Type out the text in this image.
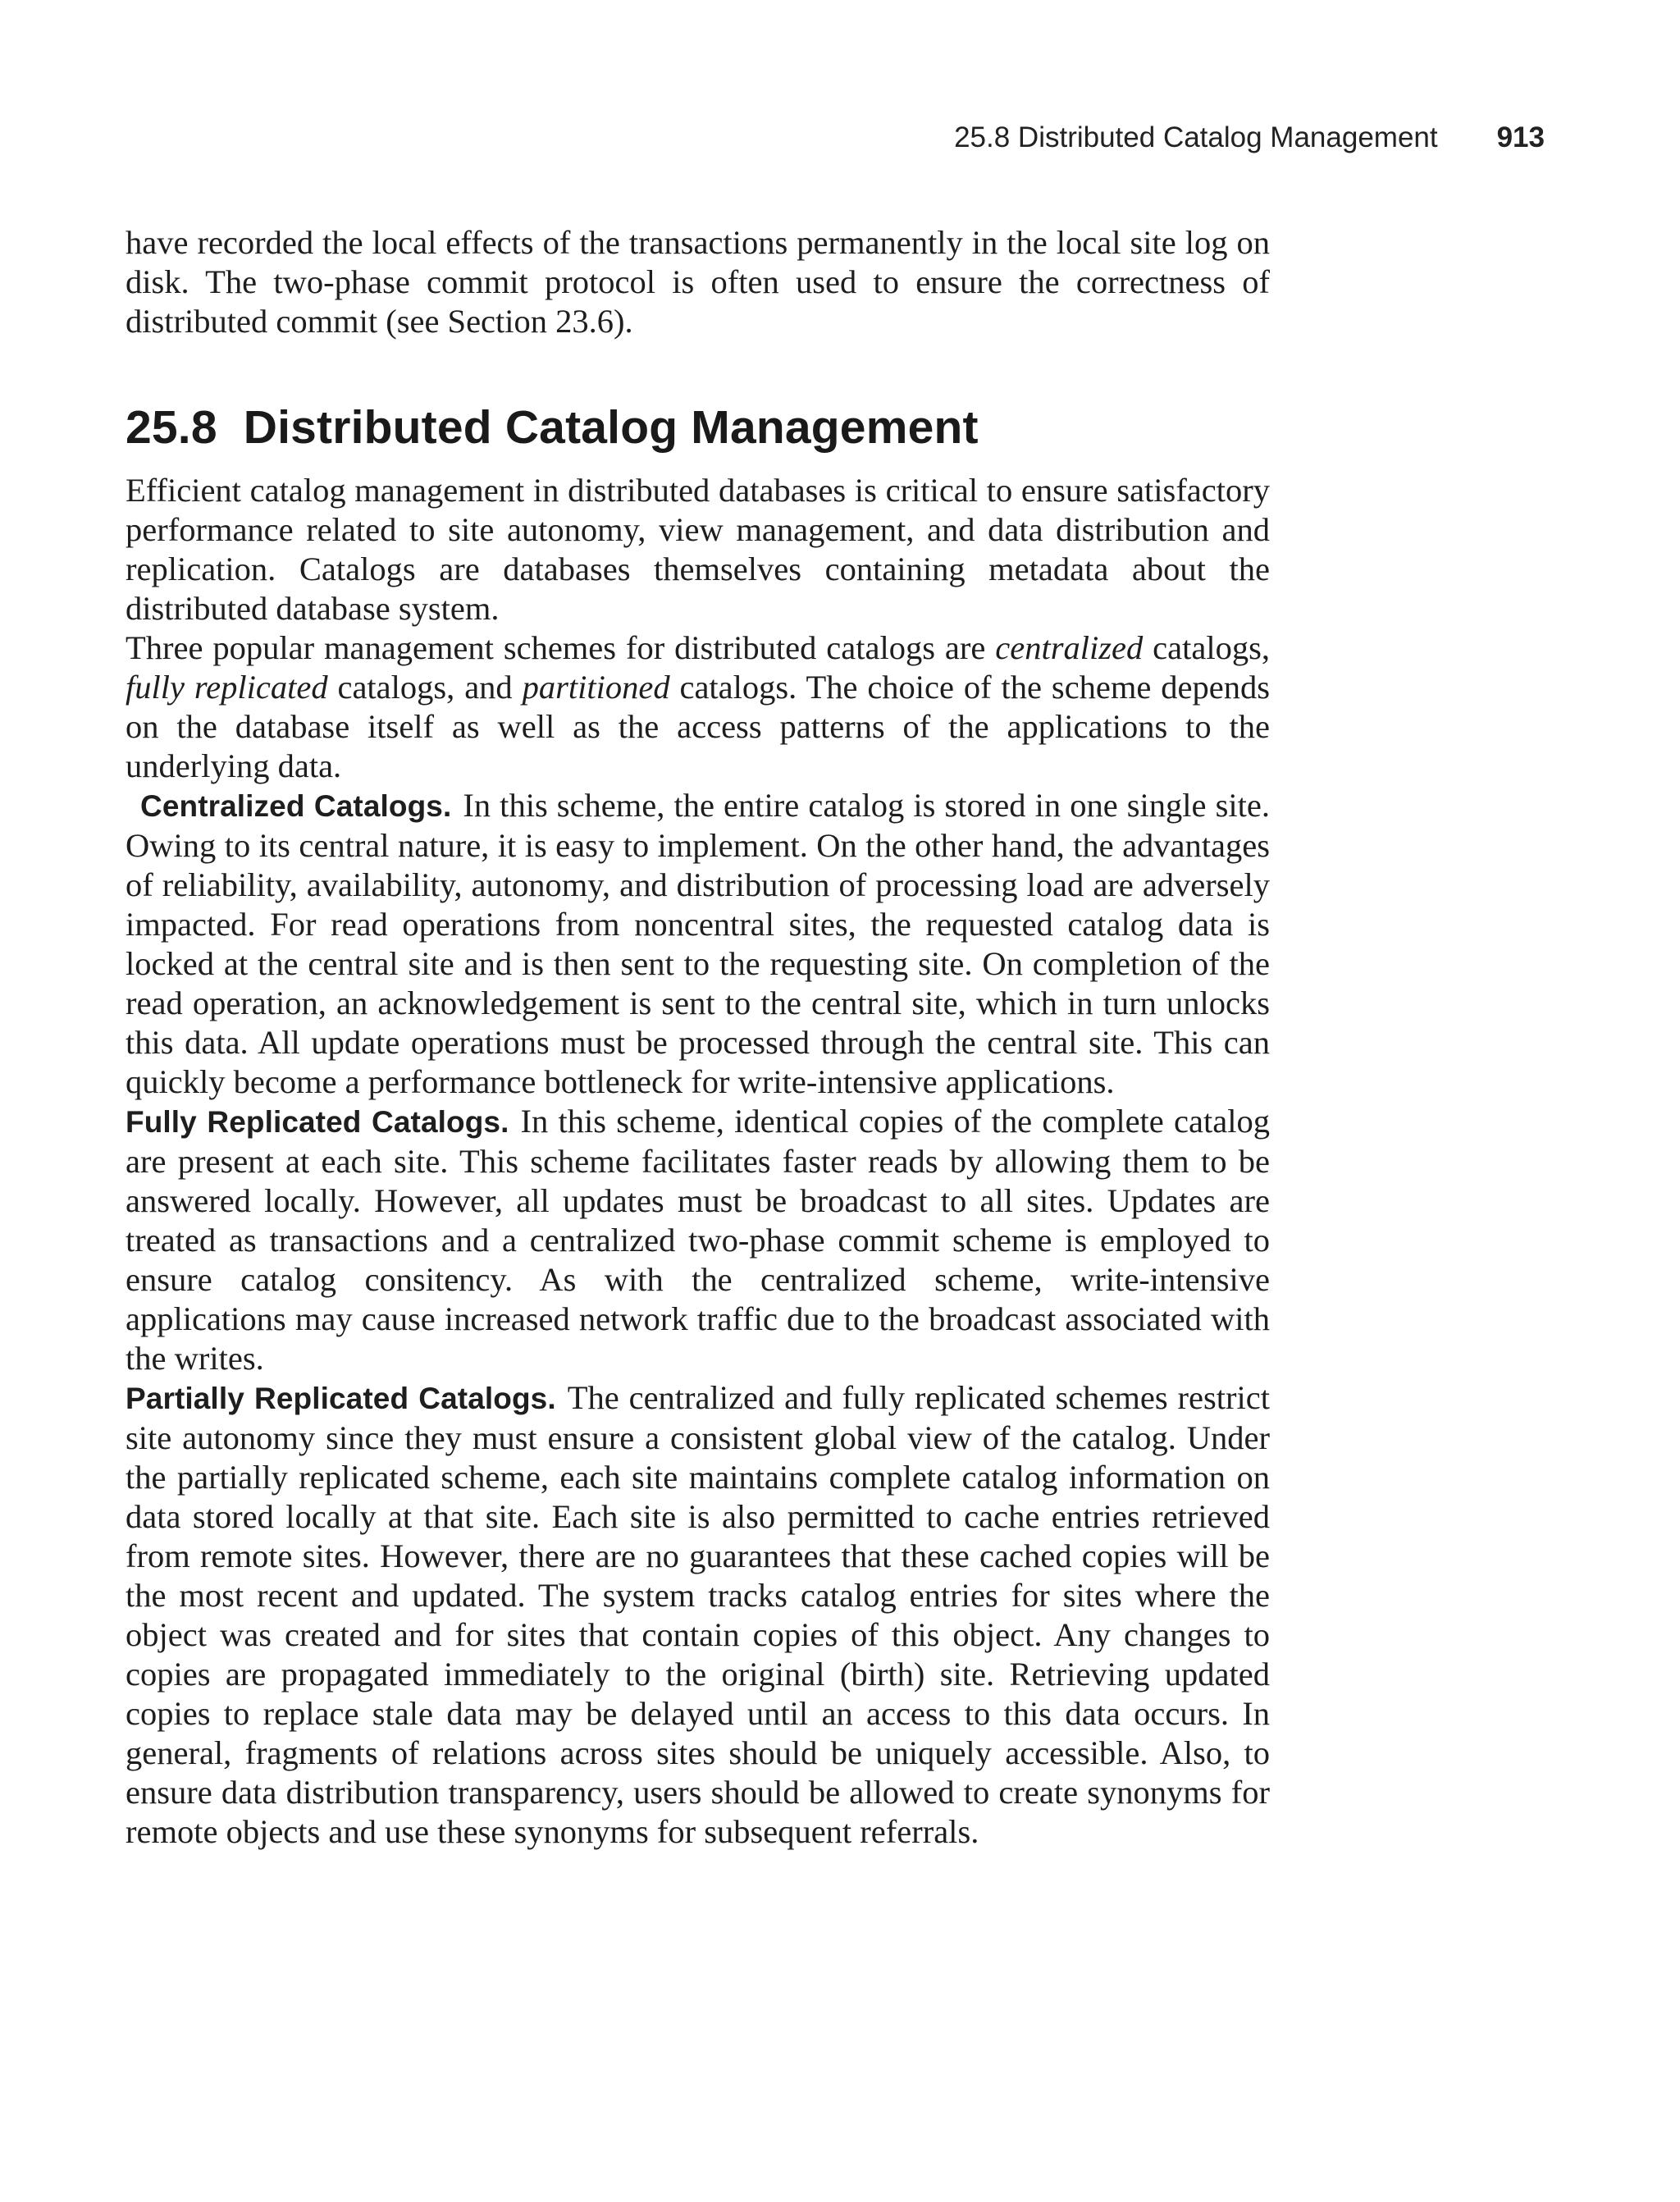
25.8 Distributed Catalog Management 913

have recorded the local effects of the transactions permanently in the local site log on disk. The two-phase commit protocol is often used to ensure the correctness of distributed commit (see Section 23.6).

25.8 Distributed Catalog Management

Efficient catalog management in distributed databases is critical to ensure satisfactory performance related to site autonomy, view management, and data distribution and replication. Catalogs are databases themselves containing metadata about the distributed database system.

Three popular management schemes for distributed catalogs are centralized catalogs, fully replicated catalogs, and partitioned catalogs. The choice of the scheme depends on the database itself as well as the access patterns of the applications to the underlying data.

Centralized Catalogs. In this scheme, the entire catalog is stored in one single site. Owing to its central nature, it is easy to implement. On the other hand, the advantages of reliability, availability, autonomy, and distribution of processing load are adversely impacted. For read operations from noncentral sites, the requested catalog data is locked at the central site and is then sent to the requesting site. On completion of the read operation, an acknowledgement is sent to the central site, which in turn unlocks this data. All update operations must be processed through the central site. This can quickly become a performance bottleneck for write-intensive applications.

Fully Replicated Catalogs. In this scheme, identical copies of the complete catalog are present at each site. This scheme facilitates faster reads by allowing them to be answered locally. However, all updates must be broadcast to all sites. Updates are treated as transactions and a centralized two-phase commit scheme is employed to ensure catalog consitency. As with the centralized scheme, write-intensive applications may cause increased network traffic due to the broadcast associated with the writes.

Partially Replicated Catalogs. The centralized and fully replicated schemes restrict site autonomy since they must ensure a consistent global view of the catalog. Under the partially replicated scheme, each site maintains complete catalog information on data stored locally at that site. Each site is also permitted to cache entries retrieved from remote sites. However, there are no guarantees that these cached copies will be the most recent and updated. The system tracks catalog entries for sites where the object was created and for sites that contain copies of this object. Any changes to copies are propagated immediately to the original (birth) site. Retrieving updated copies to replace stale data may be delayed until an access to this data occurs. In general, fragments of relations across sites should be uniquely accessible. Also, to ensure data distribution transparency, users should be allowed to create synonyms for remote objects and use these synonyms for subsequent referrals.
